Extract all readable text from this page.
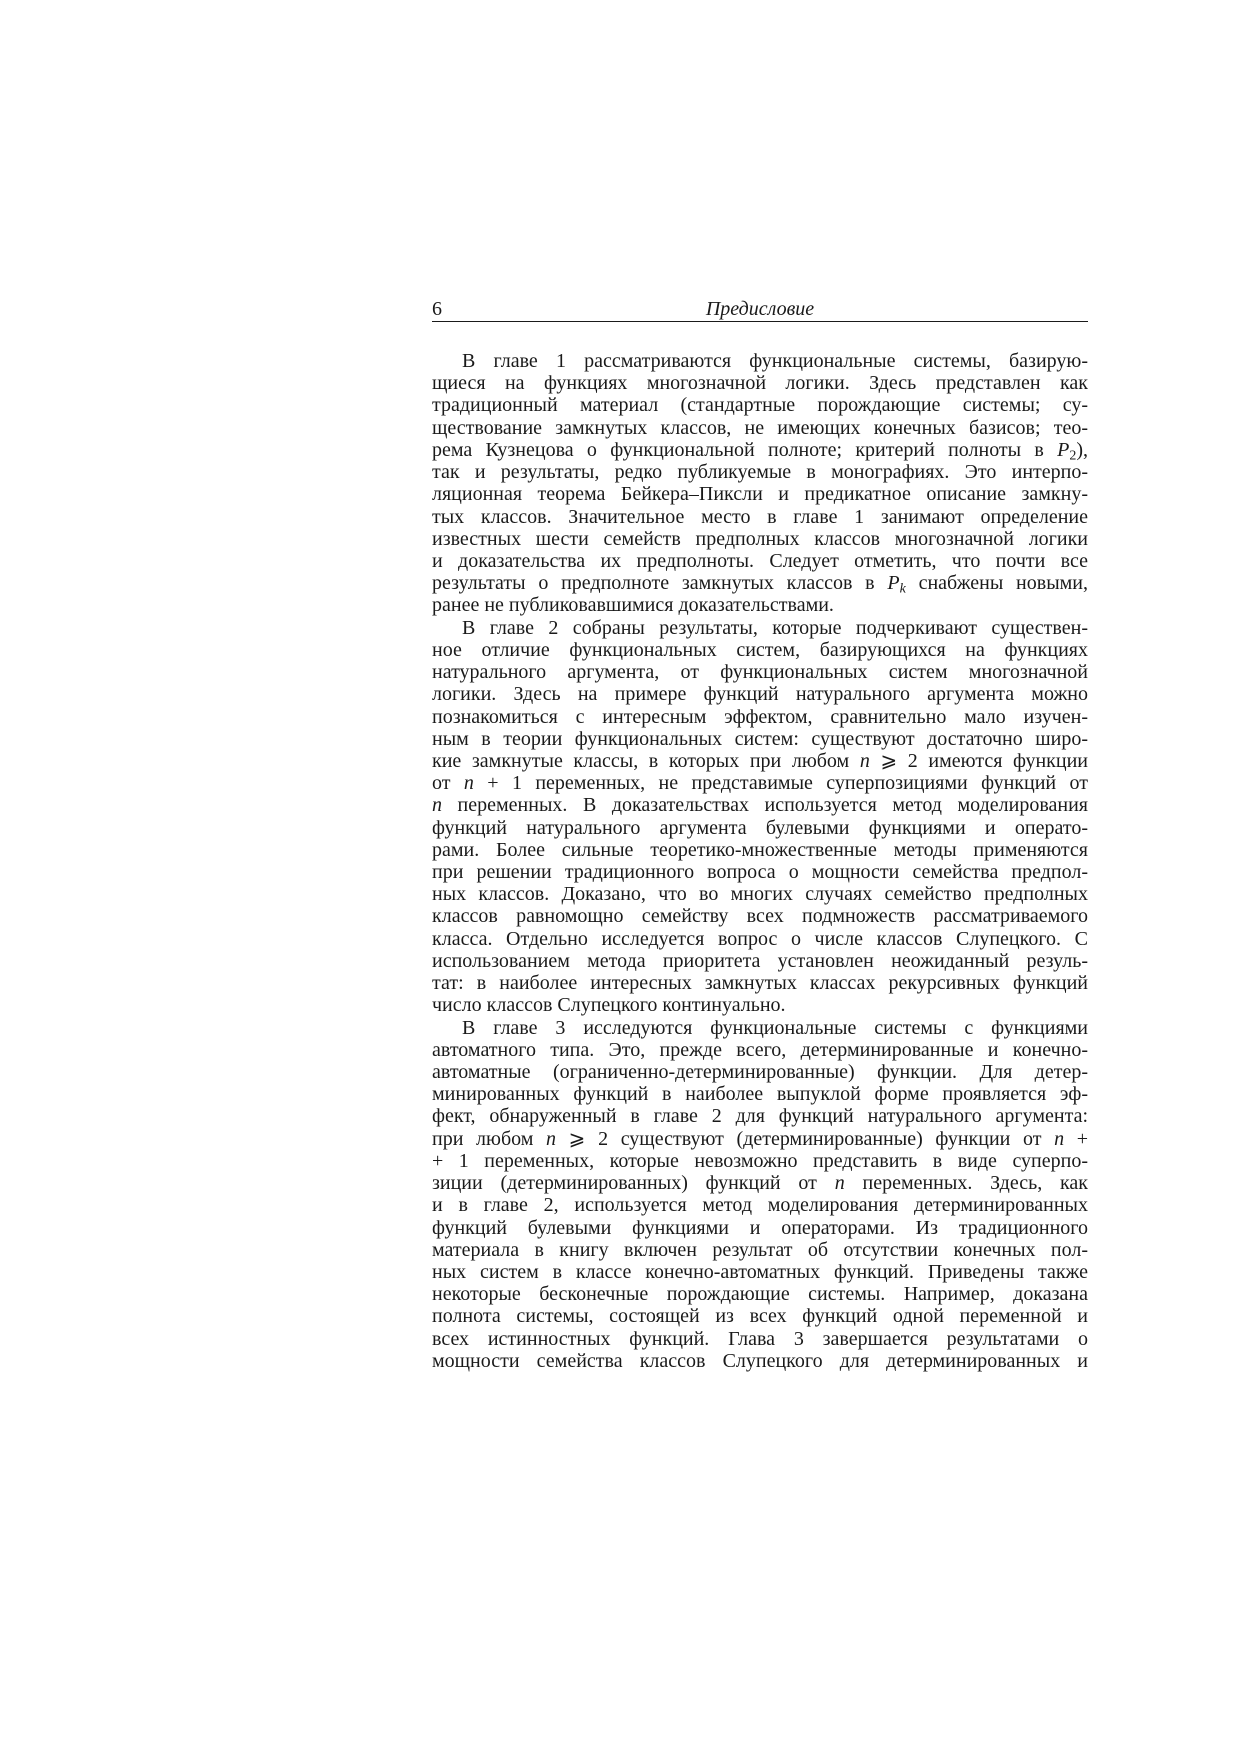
6	Предисловие
В главе 1 рассматриваются функциональные системы, базирую-
щиеся на функциях многозначной логики. Здесь представлен как
традиционный материал (стандартные порождающие системы; су-
ществование замкнутых классов, не имеющих конечных базисов; тео-
рема Кузнецова о функциональной полноте; критерий полноты в $P_2$),
так и результаты, редко публикуемые в монографиях. Это интерпо-
ляционная теорема Бейкера–Пиксли и предикатное описание замкну-
тых классов. Значительное место в главе 1 занимают определение
известных шести семейств предполных классов многозначной логики
и доказательства их предполноты. Следует отметить, что почти все
результаты о предполноте замкнутых классов в Pk снабжены новыми,
ранее не публиковавшимися доказательствами.
В главе 2 собраны результаты, которые подчеркивают существен-
ное отличие функциональных систем, базирующихся на функциях
натурального аргумента, от функциональных систем многозначной
логики. Здесь на примере функций натурального аргумента можно
познакомиться с интересным эффектом, сравнительно мало изучен-
ным в теории функциональных систем: существуют достаточно широ-
кие замкнутые классы, в которых при любом n ⩾ 2 имеются функции
от n + 1 переменных, не представимые суперпозициями функций от
n переменных. В доказательствах используется метод моделирования
функций натурального аргумента булевыми функциями и операто-
рами. Более сильные теоретико-множественные методы применяются
при решении традиционного вопроса о мощности семейства предпол-
ных классов. Доказано, что во многих случаях семейство предполных
классов равномощно семейству всех подмножеств рассматриваемого
класса. Отдельно исследуется вопрос о числе классов Слупецкого. С
использованием метода приоритета установлен неожиданный резуль-
тат: в наиболее интересных замкнутых классах рекурсивных функций
число классов Слупецкого континуально.
В главе 3 исследуются функциональные системы с функциями
автоматного типа. Это, прежде всего, детерминированные и конечно-
автоматные (ограниченно-детерминированные) функции. Для детер-
минированных функций в наиболее выпуклой форме проявляется эф-
фект, обнаруженный в главе 2 для функций натурального аргумента:
при любом n ⩾ 2 существуют (детерминированные) функции от n +
+ 1 переменных, которые невозможно представить в виде суперпо-
зиции (детерминированных) функций от n переменных. Здесь, как
и в главе 2, используется метод моделирования детерминированных
функций булевыми функциями и операторами. Из традиционного
материала в книгу включен результат об отсутствии конечных пол-
ных систем в классе конечно-автоматных функций. Приведены также
некоторые бесконечные порождающие системы. Например, доказана
полнота системы, состоящей из всех функций одной переменной и
всех истинностных функций. Глава 3 завершается результатами о
мощности семейства классов Слупецкого для детерминированных и
